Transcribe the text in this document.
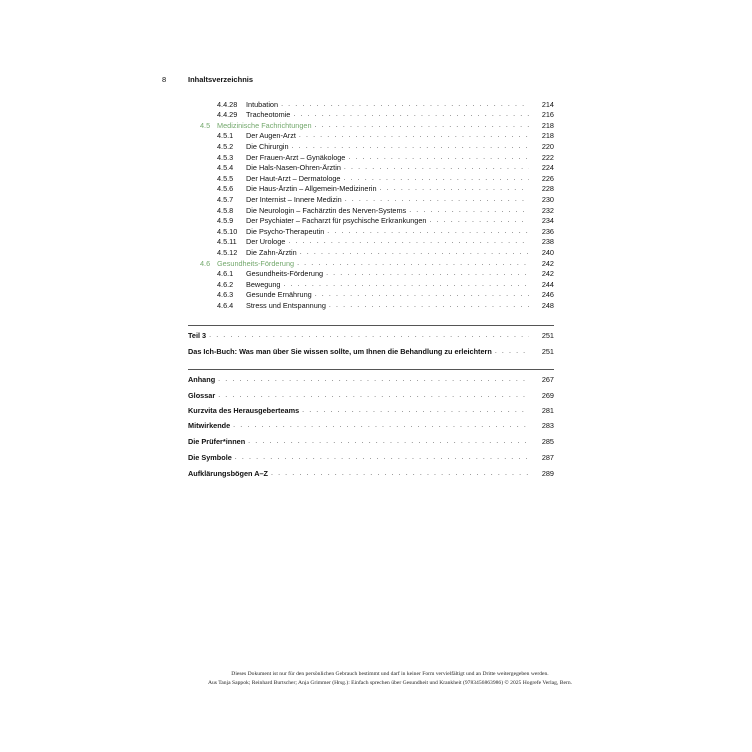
8	Inhaltsverzeichnis
4.4.28	Intubation . . .	214
4.4.29	Tracheotomie . . .	216
4.5 Medizinische Fachrichtungen . . .	218
4.5.1	Der Augen-Arzt . . .	218
4.5.2	Die Chirurgin . . .	220
4.5.3	Der Frauen-Arzt – Gynäkologe . . .	222
4.5.4	Die Hals-Nasen-Ohren-Ärztin . . .	224
4.5.5	Der Haut-Arzt – Dermatologe . . .	226
4.5.6	Die Haus-Ärztin – Allgemein-Medizinerin . . .	228
4.5.7	Der Internist – Innere Medizin . . .	230
4.5.8	Die Neurologin – Fachärztin des Nerven-Systems . . .	232
4.5.9	Der Psychiater – Facharzt für psychische Erkrankungen . . .	234
4.5.10	Die Psycho-Therapeutin . . .	236
4.5.11	Der Urologe . . .	238
4.5.12	Die Zahn-Ärztin . . .	240
4.6 Gesundheits-Förderung . . .	242
4.6.1	Gesundheits-Förderung . . .	242
4.6.2	Bewegung . . .	244
4.6.3	Gesunde Ernährung . . .	246
4.6.4	Stress und Entspannung . . .	248
Teil 3 . . .	251
Das Ich-Buch: Was man über Sie wissen sollte, um Ihnen die Behandlung zu erleichtern . . .	251
Anhang . . .	267
Glossar . . .	269
Kurzvita des Herausgeberteams . . .	281
Mitwirkende . . .	283
Die Prüfer*innen . . .	285
Die Symbole . . .	287
Aufklärungsbögen A–Z . . .	289
Dieses Dokument ist nur für den persönlichen Gebrauch bestimmt und darf in keiner Form vervielfältigt und an Dritte weitergegeben werden.
Aus Tanja Sappok; Reinhard Burtscher; Anja Grimmer (Hrsg.): Einfach sprechen über Gesundheit und Krankheit (9783456863986) © 2025 Hogrefe Verlag, Bern.
